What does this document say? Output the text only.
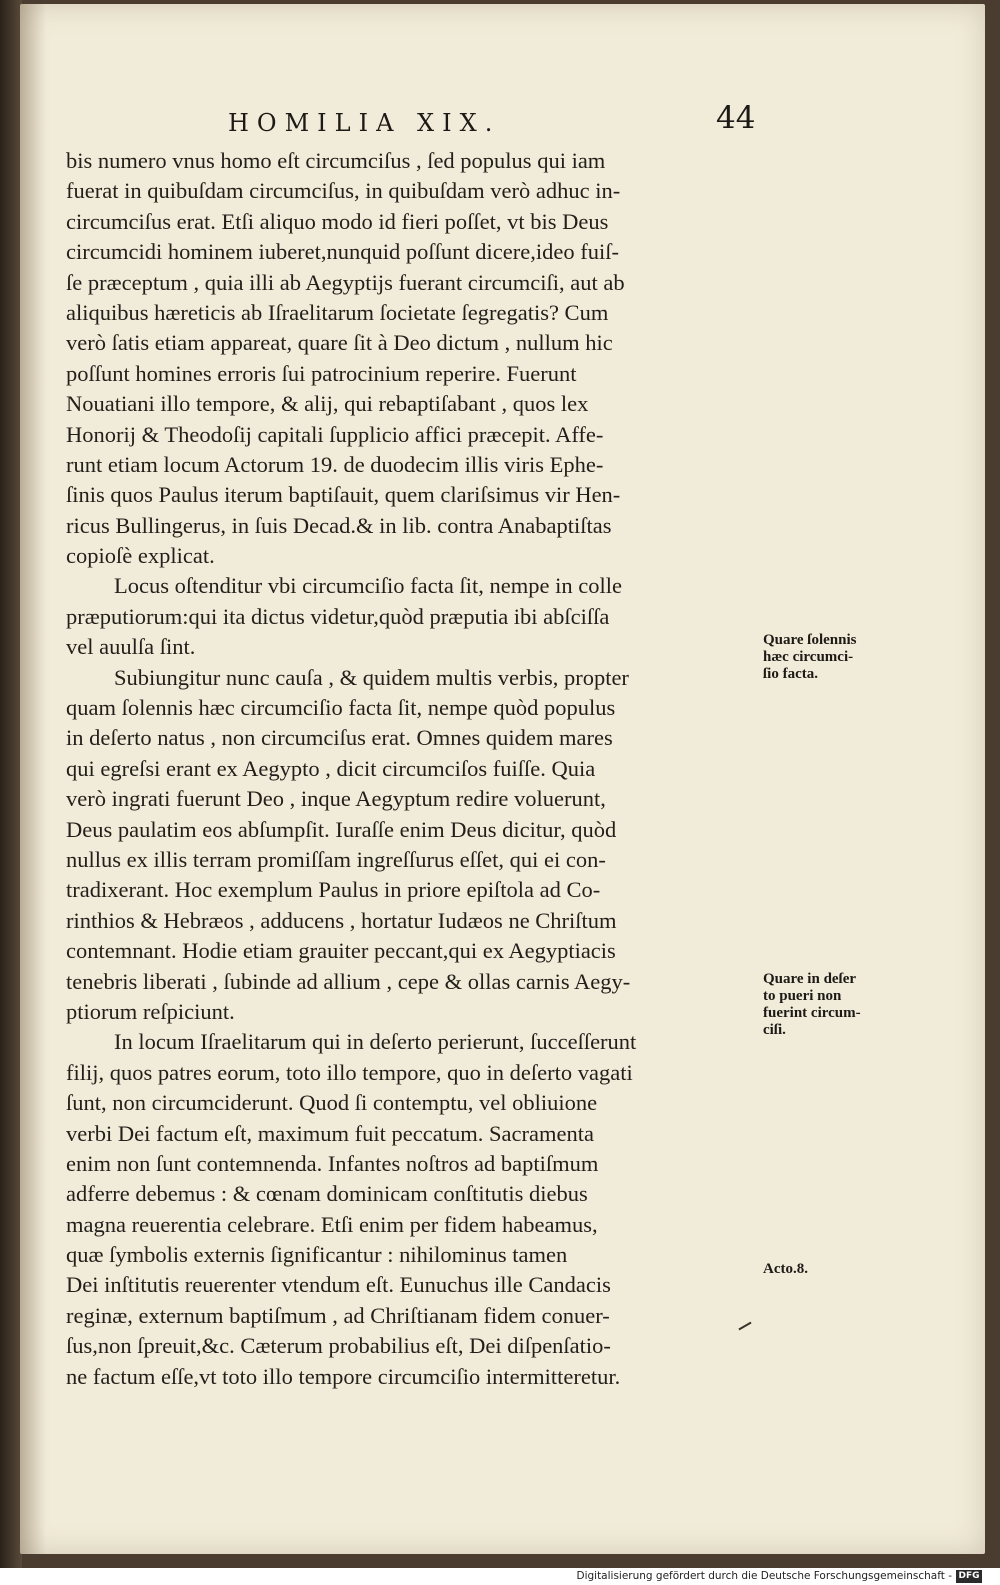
HOMILIA XIX.	44
bis numero vnus homo eſt circumciſus , ſed populus qui iam
fuerat in quibuſdam circumciſus, in quibuſdam verò adhuc in-
circumciſus erat. Etſi aliquo modo id fieri poſſet, vt bis Deus
circumcidi hominem iuberet,nunquid poſſunt dicere,ideo fuiſ-
ſe præceptum , quia illi ab Aegyptijs fuerant circumciſi, aut ab
aliquibus hæreticis ab Iſraelitarum ſocietate ſegregatis? Cum
verò ſatis etiam appareat, quare ſit à Deo dictum , nullum hic
poſſunt homines erroris ſui patrocinium reperire. Fuerunt
Nouatiani illo tempore, & alij, qui rebaptiſabant , quos lex
Honorij & Theodoſij capitali ſupplicio affici præcepit. Affe-
runt etiam locum Actorum 19. de duodecim illis viris Ephe-
ſinis quos Paulus iterum baptiſauit, quem clariſsimus vir Hen-
ricus Bullingerus, in ſuis Decad.& in lib. contra Anabaptiſtas
copioſè explicat.
Locus oſtenditur vbi circumciſio facta ſit, nempe in colle
præputiorum:qui ita dictus videtur,quòd præputia ibi abſciſſa
vel auulſa ſint.
Subiungitur nunc cauſa , & quidem multis verbis, propter
quam ſolennis hæc circumciſio facta ſit, nempe quòd populus
in deſerto natus , non circumciſus erat. Omnes quidem mares
qui egreſsi erant ex Aegypto , dicit circumciſos fuiſſe. Quia
verò ingrati fuerunt Deo , inque Aegyptum redire voluerunt,
Deus paulatim eos abſumpſit. Iuraſſe enim Deus dicitur, quòd
nullus ex illis terram promiſſam ingreſſurus eſſet, qui ei con-
tradixerant. Hoc exemplum Paulus in priore epiſtola ad Co-
rinthios & Hebræos , adducens , hortatur Iudæos ne Chriſtum
contemnant. Hodie etiam grauiter peccant,qui ex Aegyptiacis
tenebris liberati , ſubinde ad allium , cepe & ollas carnis Aegy-
ptiorum reſpiciunt.
In locum Iſraelitarum qui in deſerto perierunt, ſucceſſerunt
filij, quos patres eorum, toto illo tempore, quo in deſerto vagati
ſunt, non circumciderunt. Quod ſi contemptu, vel obliuione
verbi Dei factum eſt, maximum fuit peccatum. Sacramenta
enim non ſunt contemnenda. Infantes noſtros ad baptiſmum
adferre debemus : & cœnam dominicam conſtitutis diebus
magna reuerentia celebrare. Etſi enim per fidem habeamus,
quæ ſymbolis externis ſignificantur : nihilominus tamen
Dei inſtitutis reuerenter vtendum eſt. Eunuchus ille Candacis
reginæ, externum baptiſmum , ad Chriſtianam fidem conuer-
ſus,non ſpreuit,&c. Cæterum probabilius eſt, Dei diſpenſatio-
ne factum eſſe,vt toto illo tempore circumciſio intermitteretur.
Quare ſolennis
hæc circumci-
ſio facta.
Quare in deſer
to pueri non
fuerint circum-
ciſi.
Acto.8.
Digitalisierung gefördert durch die Deutsche Forschungsgemeinschaft - DFG
